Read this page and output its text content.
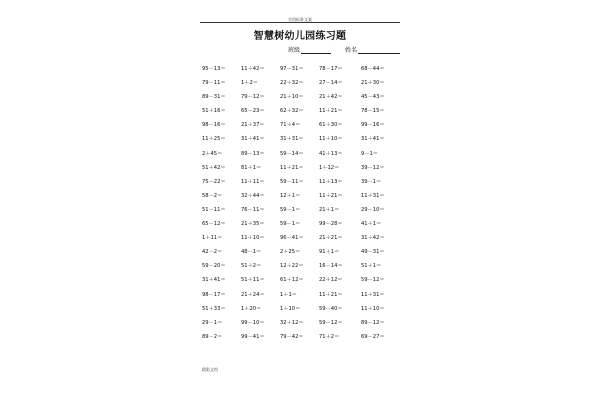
实用标准文案
智慧树幼儿园练习题
班级	姓名
95－13＝	11＋42＝	97－31＝	78－17＝	68－44＝
79－11＝	1＋2＝	22＋32＝	27－14＝	21＋30＝
89－31＝	79－12＝	21＋10＝	21＋42＝	45－43＝
51＋16＝	65－23＝	62＋32＝	11＋21＝	78－15＝
98－16＝	21＋37＝	71＋4＝	61＋30＝	99－16＝
11＋25＝	31＋41＝	31＋31＝	11＋10＝	31＋41＝
2＋45＝	89－13＝	59－14＝	41＋13＝	9－1＝
51＋42＝	81＋1＝	11＋21＝	1＋12＝	39－12＝
75－22＝	11＋11＝	59－11＝	11＋13＝	39－1＝
58－2＝	32＋44＝	12＋1＝	11＋21＝	11＋31＝
51－11＝	76－11＝	59－1＝	21＋1＝	29－10＝
65－12＝	21＋35＝	59－1＝	99－28＝	41＋1＝
1＋11＝	11＋10＝	96－41＝	21＋21＝	31＋42＝
42－2＝	48－1＝	2＋25＝	91＋1＝	49－31＝
59－20＝	51＋2＝	12＋22＝	16－14＝	51＋1＝
31＋41＝	51＋11＝	61＋12＝	22＋12＝	59－12＝
98－17＝	21＋24＝	1＋1＝	11＋21＝	11＋31＝
51＋33＝	1＋20＝	1＋10＝	59－40＝	11＋10＝
29－1＝	99－10＝	32＋12＝	59－12＝	89－12＝
89－2＝	99－41＝	79－42＝	71＋2＝	69－27＝
精彩文档
